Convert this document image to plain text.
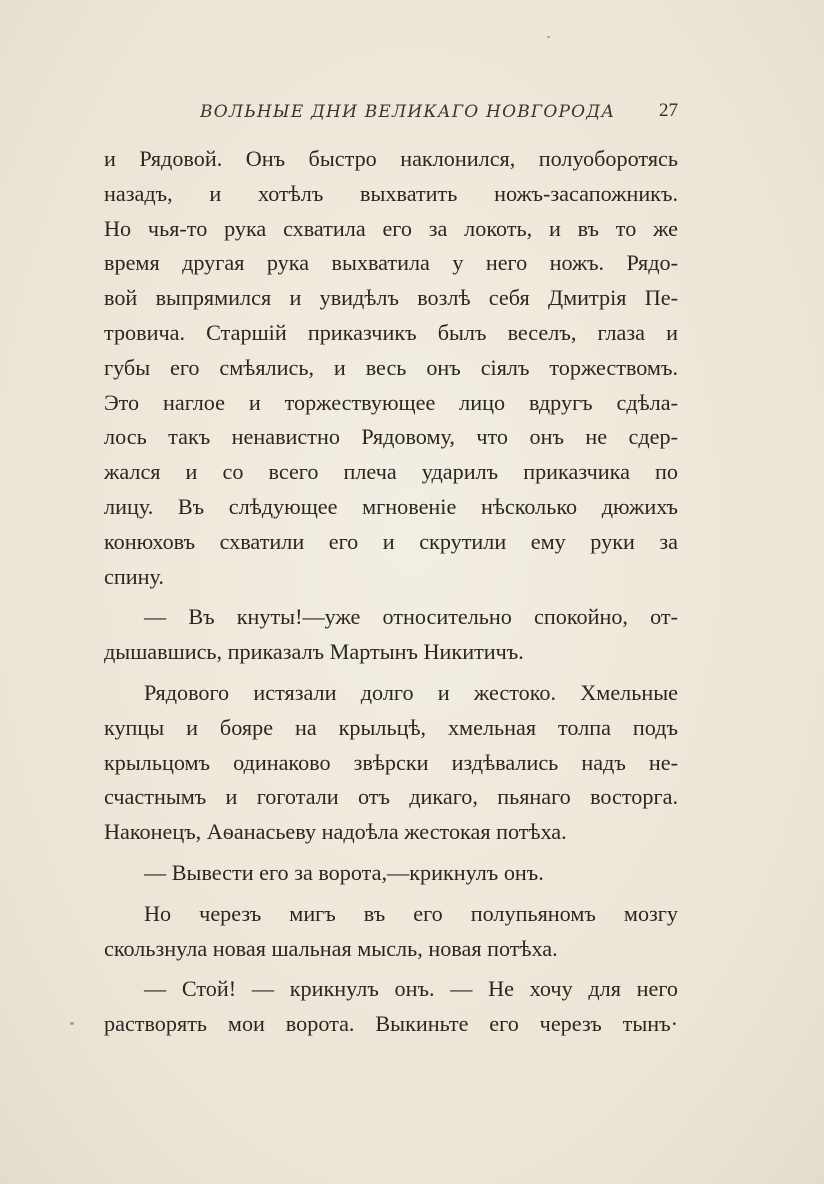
ВОЛЬНЫЕ ДНИ ВЕЛИКАГО НОВГОРОДА 27
и Рядовой. Онъ быстро наклонился, полуоборотясь
назадъ, и хотѣлъ выхватить ножъ-засапожникъ.
Но чья-то рука схватила его за локоть, и въ то же
время другая рука выхватила у него ножъ. Рядо-
вой выпрямился и увидѣлъ возлѣ себя Дмитрія Пе-
тровича. Старшій приказчикъ былъ веселъ, глаза и
губы его смѣялись, и весь онъ сіялъ торжествомъ.
Это наглое и торжествующее лицо вдругъ сдѣла-
лось такъ ненавистно Рядовому, что онъ не сдер-
жался и со всего плеча ударилъ приказчика по
лицу. Въ слѣдующее мгновеніе нѣсколько дюжихъ
конюховъ схватили его и скрутили ему руки за
спину.
— Въ кнуты!—уже относительно спокойно, от-
дышавшись, приказалъ Мартынъ Никитичъ.
Рядового истязали долго и жестоко. Хмельные
купцы и бояре на крыльцѣ, хмельная толпа подъ
крыльцомъ одинаково звѣрски издѣвались надъ не-
счастнымъ и гоготали отъ дикаго, пьянаго восторга.
Наконецъ, Аѳанасьеву надоѣла жестокая потѣха.
— Вывести его за ворота,—крикнулъ онъ.
Но черезъ мигъ въ его полупьяномъ мозгу
скользнула новая шальная мысль, новая потѣха.
— Стой! — крикнулъ онъ. — Не хочу для него
растворять мои ворота. Выкиньте его черезъ тынъ·
